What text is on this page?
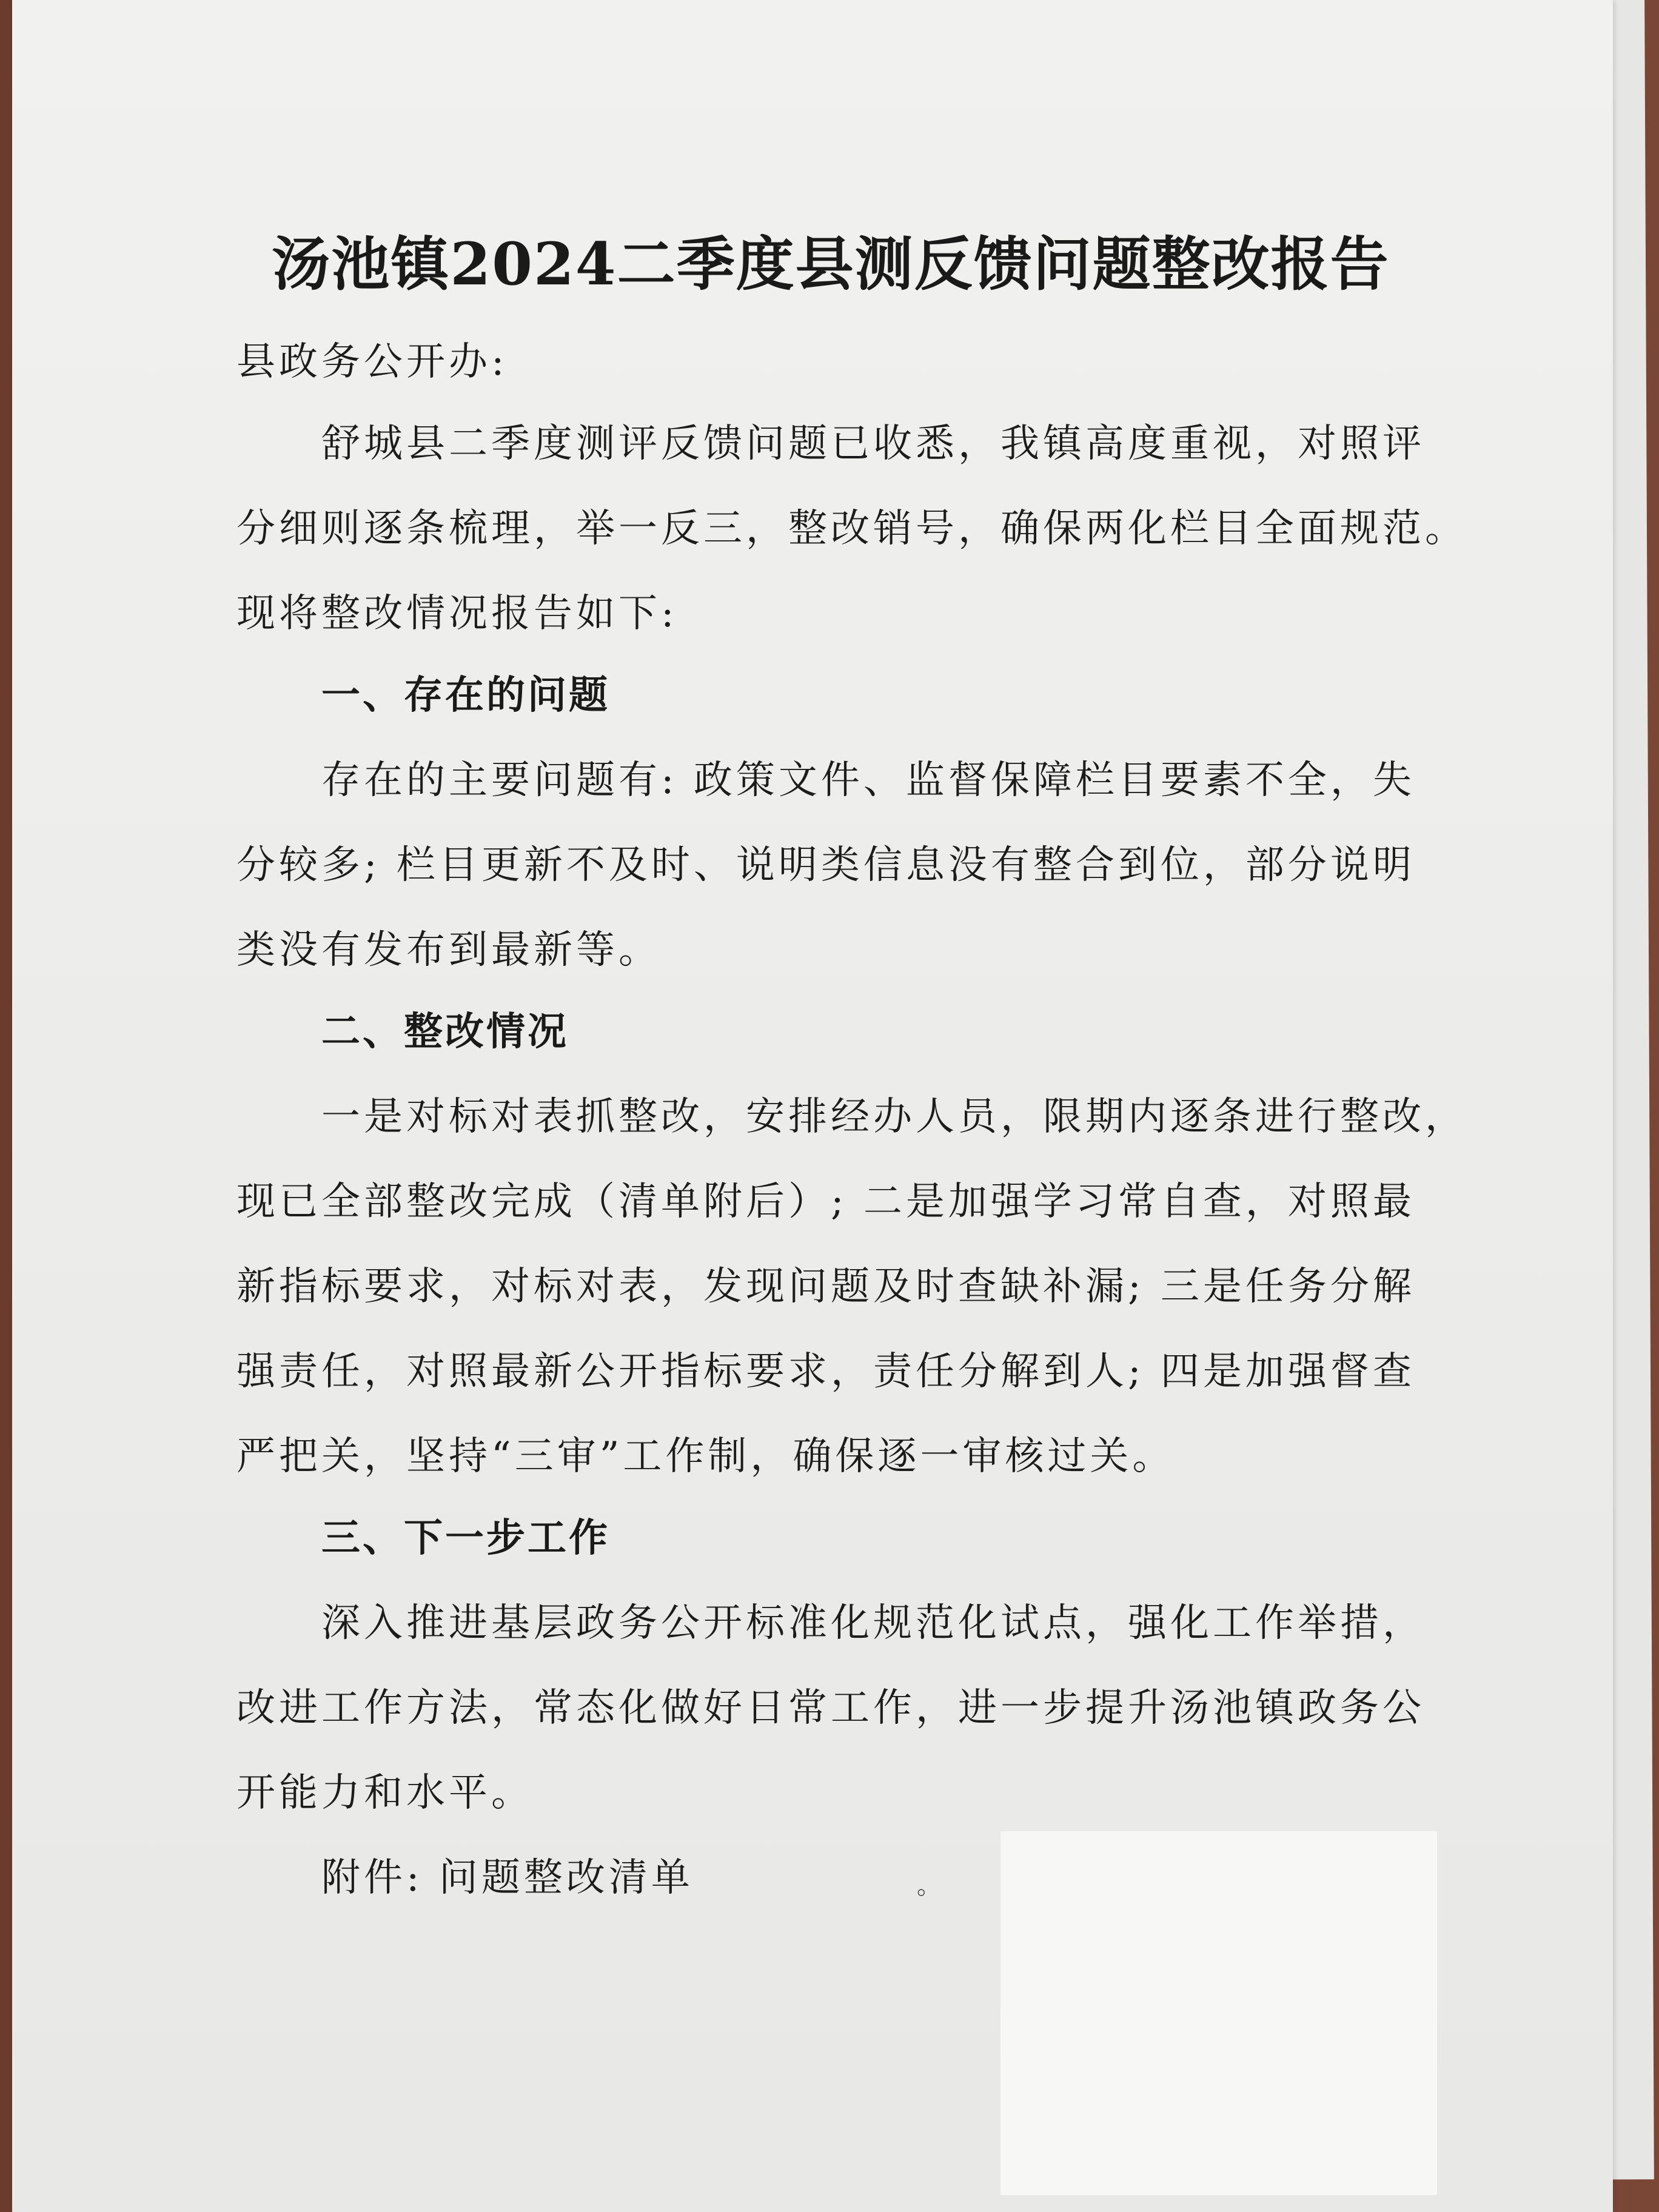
汤池镇2024二季度县测反馈问题整改报告
县政务公开办:
舒城县二季度测评反馈问题已收悉，我镇高度重视，对照评
分细则逐条梳理，举一反三，整改销号，确保两化栏目全面规范。
现将整改情况报告如下:
一、存在的问题
存在的主要问题有: 政策文件、监督保障栏目要素不全，失
分较多; 栏目更新不及时、说明类信息没有整合到位，部分说明
类没有发布到最新等。
二、整改情况
一是对标对表抓整改，安排经办人员，限期内逐条进行整改，
现已全部整改完成（清单附后）; 二是加强学习常自查，对照最
新指标要求，对标对表，发现问题及时查缺补漏; 三是任务分解
强责任，对照最新公开指标要求，责任分解到人; 四是加强督查
严把关，坚持“三审”工作制，确保逐一审核过关。
三、下一步工作
深入推进基层政务公开标准化规范化试点，强化工作举措，
改进工作方法，常态化做好日常工作，进一步提升汤池镇政务公
开能力和水平。
附件: 问题整改清单	。
